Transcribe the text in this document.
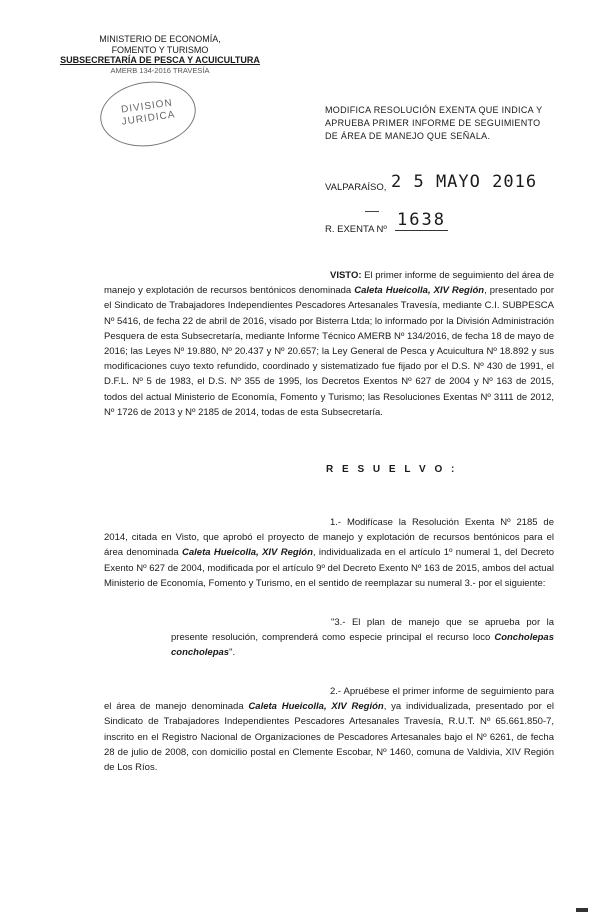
MINISTERIO DE ECONOMÍA,
FOMENTO Y TURISMO
SUBSECRETARÍA DE PESCA Y ACUICULTURA
AMERB 134-2016 TRAVESÍA
DIVISION JURIDICA	MODIFICA RESOLUCIÓN EXENTA QUE INDICA Y APRUEBA PRIMER INFORME DE SEGUIMIENTO DE ÁREA DE MANEJO QUE SEÑALA.
VALPARAÍSO, 2 5 MAYO 2016
R. EXENTA Nº 1638
VISTO: El primer informe de seguimiento del área de manejo y explotación de recursos bentónicos denominada Caleta Hueicolla, XIV Región, presentado por el Sindicato de Trabajadores Independientes Pescadores Artesanales Travesía, mediante C.I. SUBPESCA Nº 5416, de fecha 22 de abril de 2016, visado por Bisterra Ltda; lo informado por la División Administración Pesquera de esta Subsecretaría, mediante Informe Técnico AMERB Nº 134/2016, de fecha 18 de mayo de 2016; las Leyes Nº 19.880, Nº 20.437 y Nº 20.657; la Ley General de Pesca y Acuicultura Nº 18.892 y sus modificaciones cuyo texto refundido, coordinado y sistematizado fue fijado por el D.S. Nº 430 de 1991, el D.F.L. Nº 5 de 1983, el D.S. Nº 355 de 1995, los Decretos Exentos Nº 627 de 2004 y Nº 163 de 2015, todos del actual Ministerio de Economía, Fomento y Turismo; las Resoluciones Exentas Nº 3111 de 2012, Nº 1726 de 2013 y Nº 2185 de 2014, todas de esta Subsecretaría.
R E S U E L V O :
1.- Modifícase la Resolución Exenta Nº 2185 de 2014, citada en Visto, que aprobó el proyecto de manejo y explotación de recursos bentónicos para el área denominada Caleta Hueicolla, XIV Región, individualizada en el artículo 1º numeral 1, del Decreto Exento Nº 627 de 2004, modificada por el artículo 9º del Decreto Exento Nº 163 de 2015, ambos del actual Ministerio de Economía, Fomento y Turismo, en el sentido de reemplazar su numeral 3.- por el siguiente:
"3.- El plan de manejo que se aprueba por la presente resolución, comprenderá como especie principal el recurso loco Concholepas concholepas".
2.- Apruébese el primer informe de seguimiento para el área de manejo denominada Caleta Hueicolla, XIV Región, ya individualizada, presentado por el Sindicato de Trabajadores Independientes Pescadores Artesanales Travesía, R.U.T. Nº 65.661.850-7, inscrito en el Registro Nacional de Organizaciones de Pescadores Artesanales bajo el Nº 6261, de fecha 28 de julio de 2008, con domicilio postal en Clemente Escobar, Nº 1460, comuna de Valdivia, XIV Región de Los Ríos.
